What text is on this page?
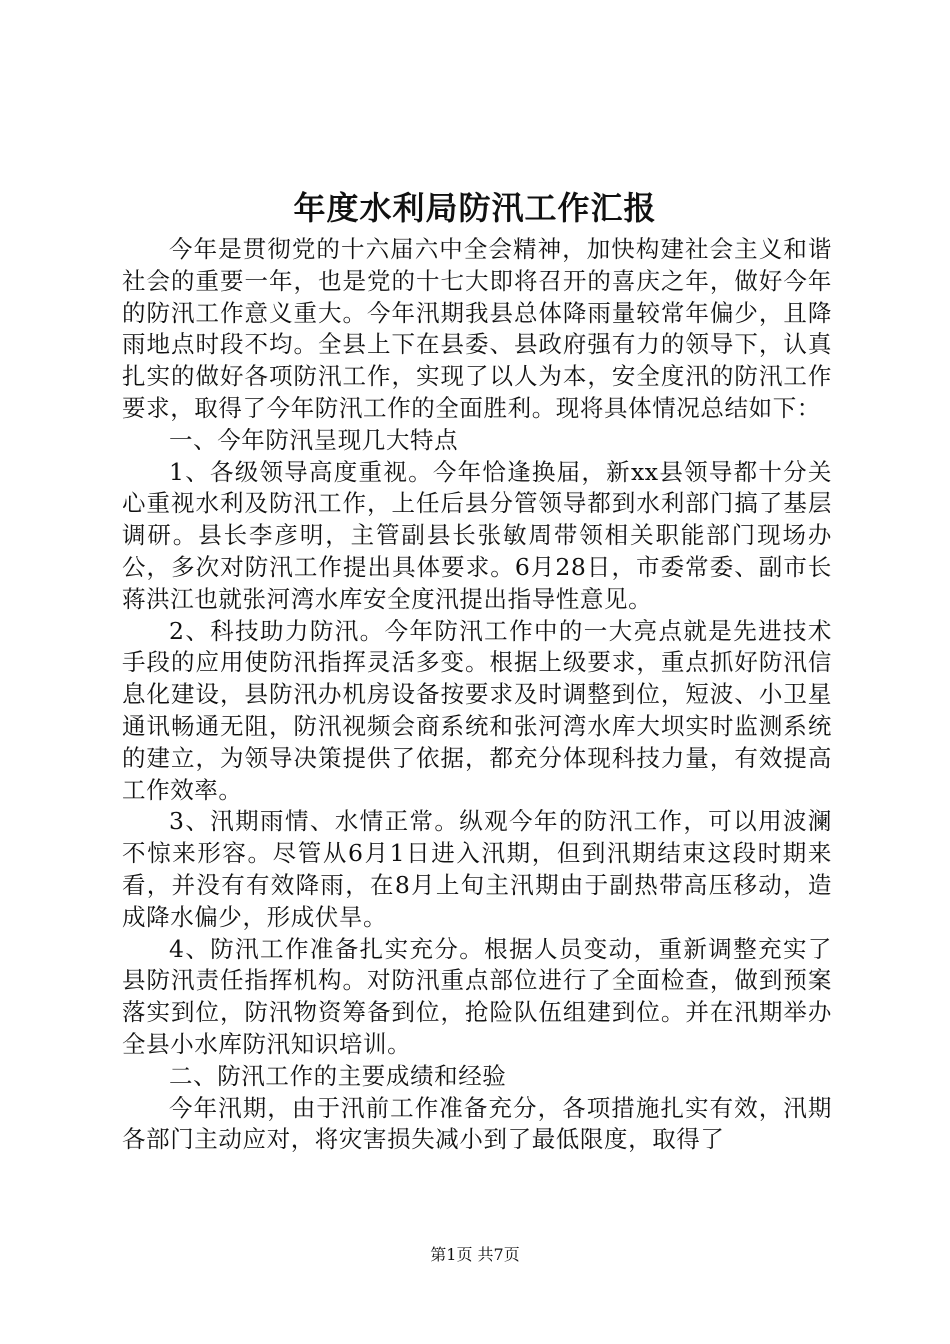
年度水利局防汛工作汇报

今年是贯彻党的十六届六中全会精神，加快构建社会主义和谐社会的重要一年，也是党的十七大即将召开的喜庆之年，做好今年的防汛工作意义重大。今年汛期我县总体降雨量较常年偏少，且降雨地点时段不均。全县上下在县委、县政府强有力的领导下，认真扎实的做好各项防汛工作，实现了以人为本，安全度汛的防汛工作要求，取得了今年防汛工作的全面胜利。现将具体情况总结如下：

一、今年防汛呈现几大特点

1、各级领导高度重视。今年恰逢换届，新xx县领导都十分关心重视水利及防汛工作，上任后县分管领导都到水利部门搞了基层调研。县长李彦明，主管副县长张敏周带领相关职能部门现场办公，多次对防汛工作提出具体要求。6月28日，市委常委、副市长蒋洪江也就张河湾水库安全度汛提出指导性意见。

2、科技助力防汛。今年防汛工作中的一大亮点就是先进技术手段的应用使防汛指挥灵活多变。根据上级要求，重点抓好防汛信息化建设，县防汛办机房设备按要求及时调整到位，短波、小卫星通讯畅通无阻，防汛视频会商系统和张河湾水库大坝实时监测系统的建立，为领导决策提供了依据，都充分体现科技力量，有效提高工作效率。

3、汛期雨情、水情正常。纵观今年的防汛工作，可以用波澜不惊来形容。尽管从6月1日进入汛期，但到汛期结束这段时期来看，并没有有效降雨，在8月上旬主汛期由于副热带高压移动，造成降水偏少，形成伏旱。

4、防汛工作准备扎实充分。根据人员变动，重新调整充实了县防汛责任指挥机构。对防汛重点部位进行了全面检查，做到预案落实到位，防汛物资筹备到位，抢险队伍组建到位。并在汛期举办全县小水库防汛知识培训。

二、防汛工作的主要成绩和经验

今年汛期，由于汛前工作准备充分，各项措施扎实有效，汛期各部门主动应对，将灾害损失减小到了最低限度，取得了

第1页 共7页
